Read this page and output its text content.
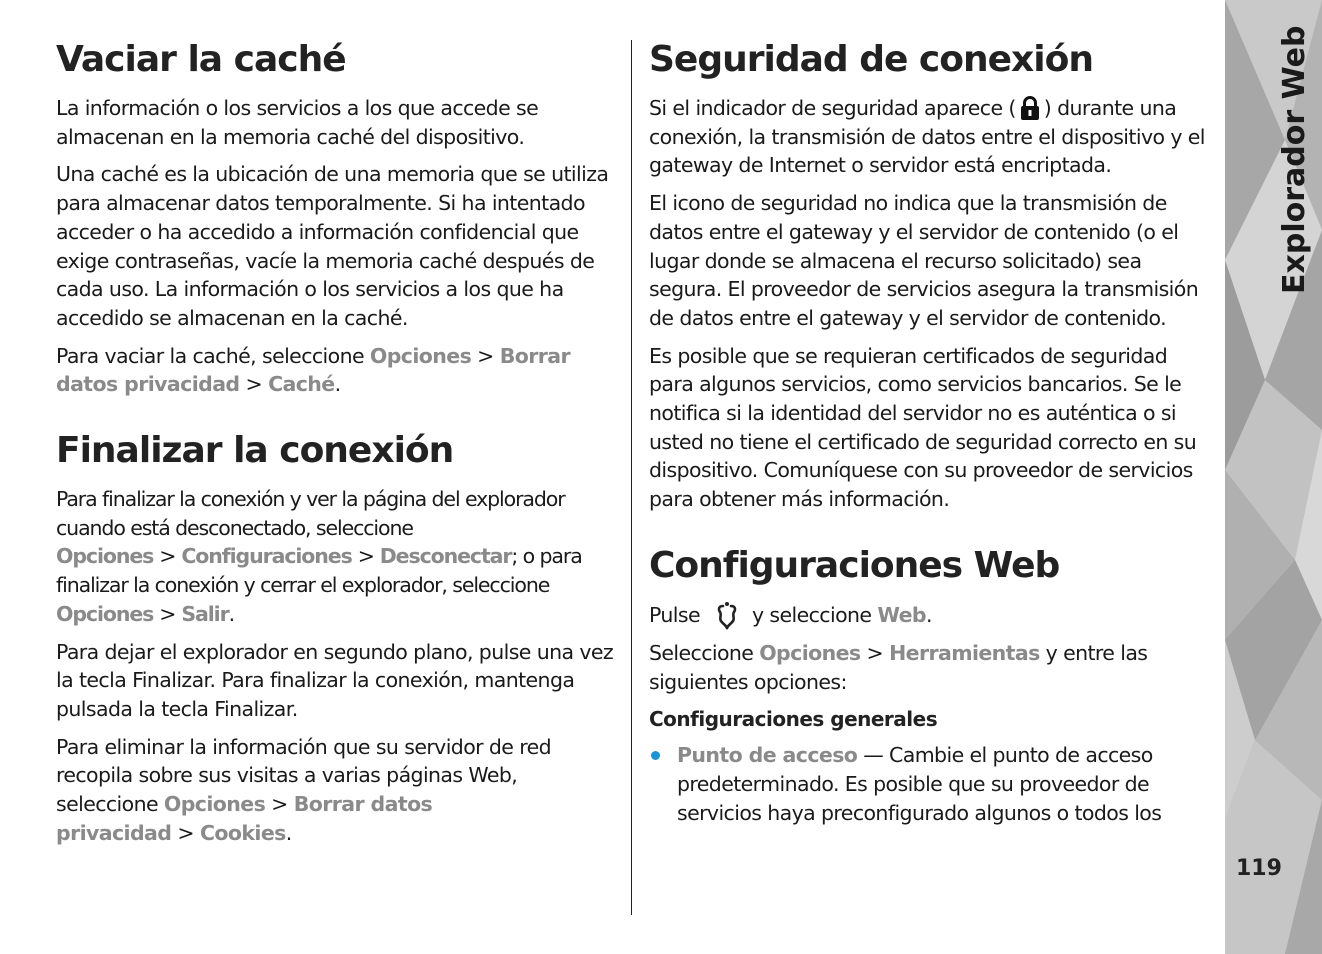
Vaciar la caché

La información o los servicios a los que accede se almacenan en la memoria caché del dispositivo.

Una caché es la ubicación de una memoria que se utiliza para almacenar datos temporalmente. Si ha intentado acceder o ha accedido a información confidencial que exige contraseñas, vacíe la memoria caché después de cada uso. La información o los servicios a los que ha accedido se almacenan en la caché.

Para vaciar la caché, seleccione Opciones > Borrar datos privacidad > Caché.

Finalizar la conexión

Para finalizar la conexión y ver la página del explorador cuando está desconectado, seleccione Opciones > Configuraciones > Desconectar; o para finalizar la conexión y cerrar el explorador, seleccione Opciones > Salir.

Para dejar el explorador en segundo plano, pulse una vez la tecla Finalizar. Para finalizar la conexión, mantenga pulsada la tecla Finalizar.

Para eliminar la información que su servidor de red recopila sobre sus visitas a varias páginas Web, seleccione Opciones > Borrar datos privacidad > Cookies.

Seguridad de conexión

Si el indicador de seguridad aparece ( ) durante una conexión, la transmisión de datos entre el dispositivo y el gateway de Internet o servidor está encriptada.

El icono de seguridad no indica que la transmisión de datos entre el gateway y el servidor de contenido (o el lugar donde se almacena el recurso solicitado) sea segura. El proveedor de servicios asegura la transmisión de datos entre el gateway y el servidor de contenido.

Es posible que se requieran certificados de seguridad para algunos servicios, como servicios bancarios. Se le notifica si la identidad del servidor no es auténtica o si usted no tiene el certificado de seguridad correcto en su dispositivo. Comuníquese con su proveedor de servicios para obtener más información.

Configuraciones Web

Pulse	y seleccione Web.

Seleccione Opciones > Herramientas y entre las siguientes opciones:

Configuraciones generales
Punto de acceso — Cambie el punto de acceso predeterminado. Es posible que su proveedor de servicios haya preconfigurado algunos o todos los
Explorador Web
119
